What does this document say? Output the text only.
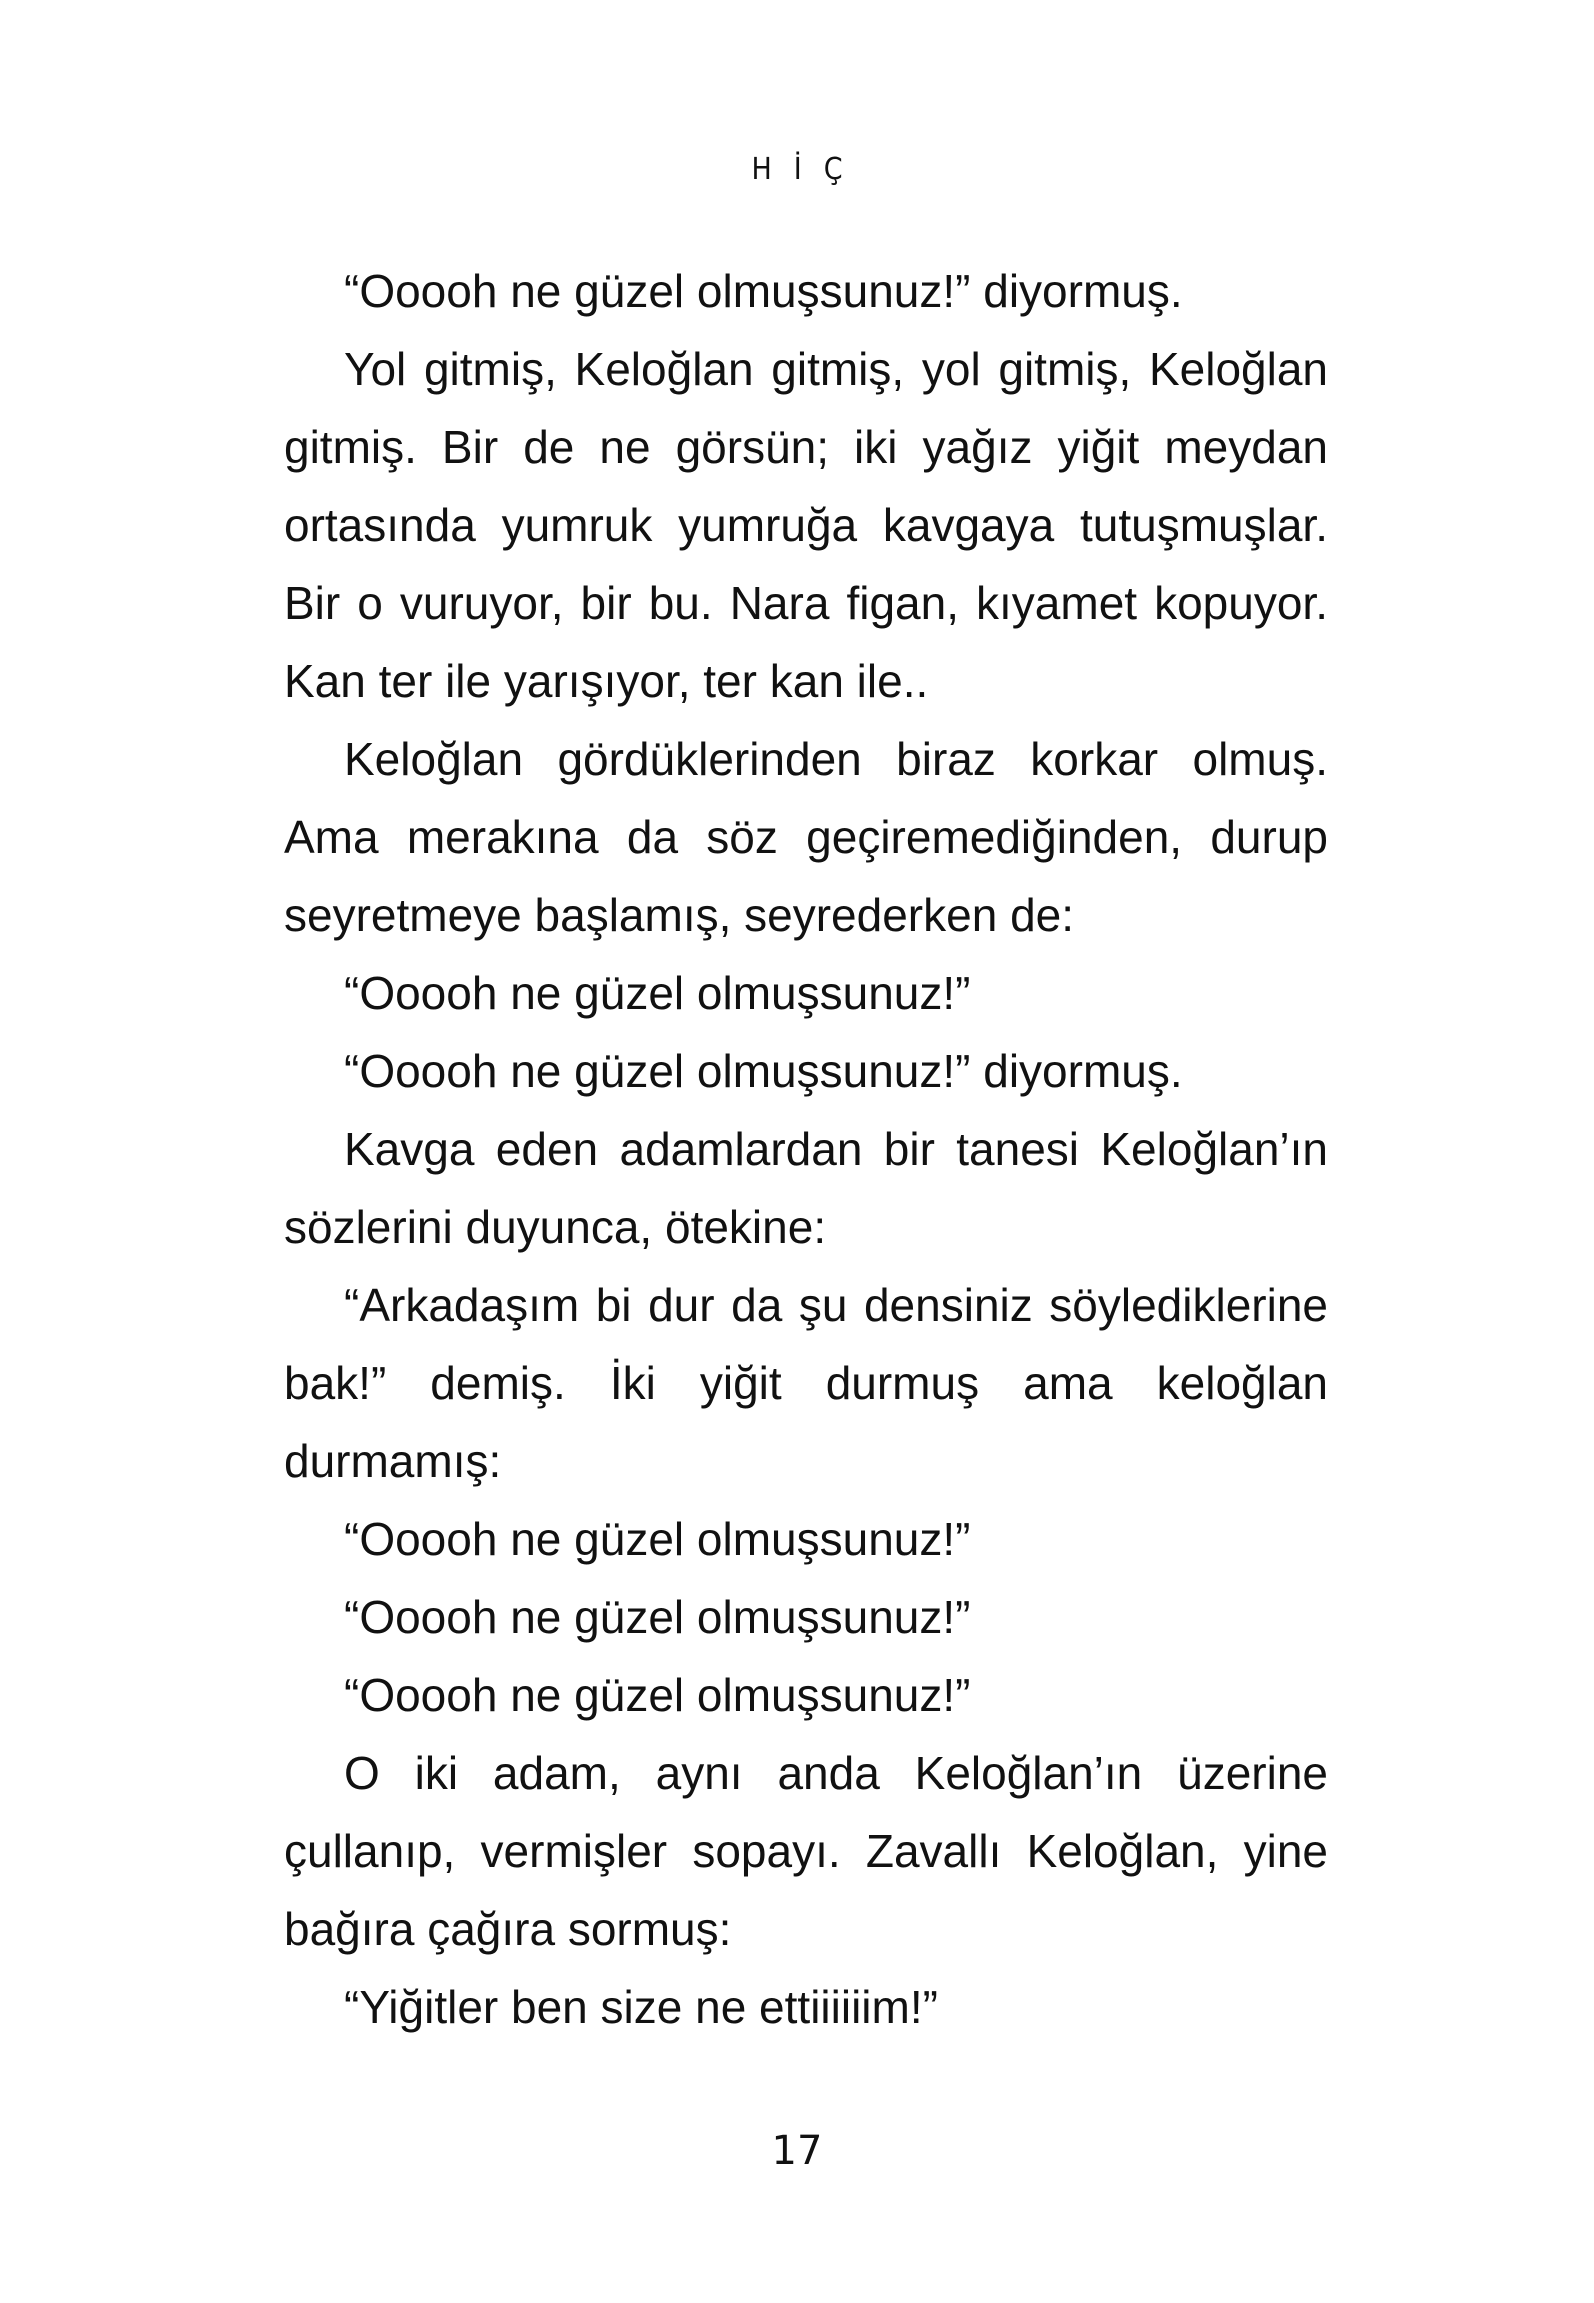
HİÇ

“Ooooh ne güzel olmuşsunuz!” diyormuş.

Yol gitmiş, Keloğlan gitmiş, yol gitmiş, Keloğlan gitmiş. Bir de ne görsün; iki yağız yiğit meydan ortasında yumruk yumruğa kavgaya tutuşmuşlar. Bir o vuruyor, bir bu. Nara figan, kıyamet kopuyor. Kan ter ile yarışıyor, ter kan ile..

Keloğlan gördüklerinden biraz korkar olmuş. Ama merakına da söz geçiremediğinden, durup seyretmeye başlamış, seyrederken de:

“Ooooh ne güzel olmuşsunuz!”

“Ooooh ne güzel olmuşsunuz!” diyormuş.

Kavga eden adamlardan bir tanesi Keloğlan’ın sözlerini duyunca, ötekine:

“Arkadaşım bi dur da şu densiniz söylediklerine bak!” demiş. İki yiğit durmuş ama keloğlan durmamış:

“Ooooh ne güzel olmuşsunuz!”

“Ooooh ne güzel olmuşsunuz!”

“Ooooh ne güzel olmuşsunuz!”

O iki adam, aynı anda Keloğlan’ın üzerine çullanıp, vermişler sopayı. Zavallı Keloğlan, yine bağıra çağıra sormuş:

“Yiğitler ben size ne ettiiiiiim!”

17
